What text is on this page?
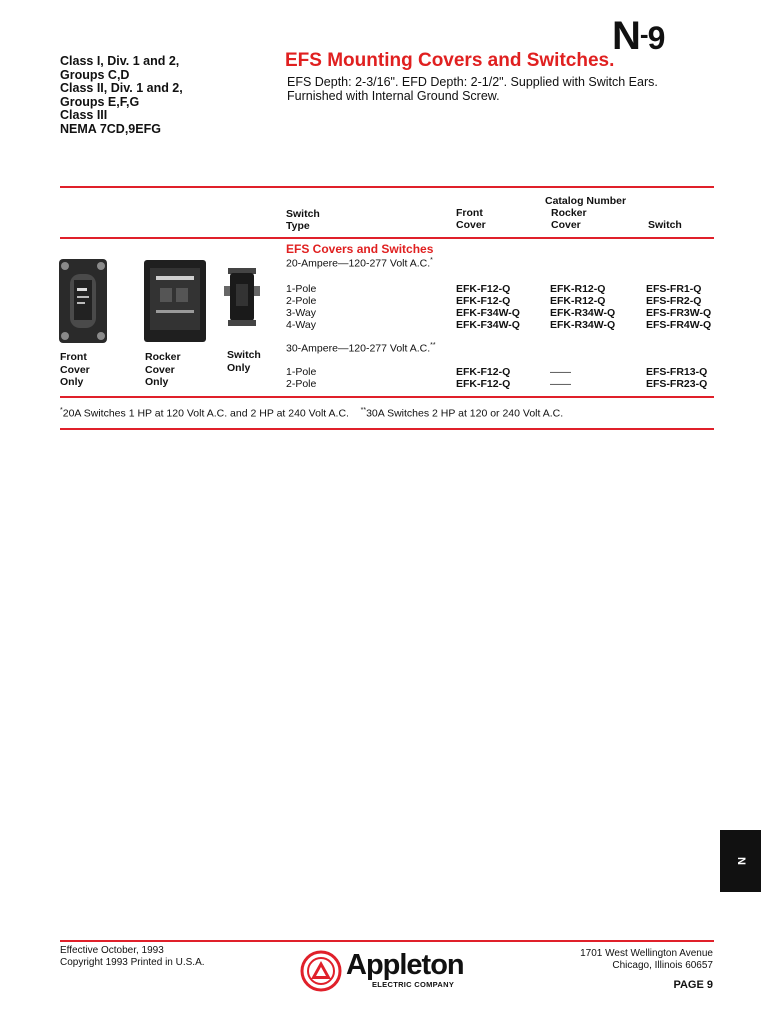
N-9
Class I, Div. 1 and 2,
Groups C,D
Class II, Div. 1 and 2,
Groups E,F,G
Class III
NEMA 7CD,9EFG
EFS Mounting Covers and Switches.
EFS Depth: 2-3/16". EFD Depth: 2-1/2". Supplied with Switch Ears.
Furnished with Internal Ground Screw.
Switch
Type
Catalog Number
Front
Cover
Rocker
Cover	Switch
EFS Covers and Switches
20-Ampere—120-277 Volt A.C.*
1-Pole	EFK-F12-Q	EFK-R12-Q	EFS-FR1-Q
2-Pole	EFK-F12-Q	EFK-R12-Q	EFS-FR2-Q
3-Way	EFK-F34W-Q	EFK-R34W-Q	EFS-FR3W-Q
4-Way	EFK-F34W-Q	EFK-R34W-Q	EFS-FR4W-Q
30-Ampere—120-277 Volt A.C.**
1-Pole	EFK-F12-Q	——	EFS-FR13-Q
2-Pole	EFK-F12-Q	——	EFS-FR23-Q
Front
Cover
Only
Rocker
Cover
Only
Switch
Only
*20A Switches 1 HP at 120 Volt A.C. and 2 HP at 240 Volt A.C. **30A Switches 2 HP at 120 or 240 Volt A.C.
N
Effective October, 1993
Copyright 1993 Printed in U.S.A.
1701 West Wellington Avenue
Chicago, Illinois 60657
PAGE 9
Appleton
ELECTRIC COMPANY
